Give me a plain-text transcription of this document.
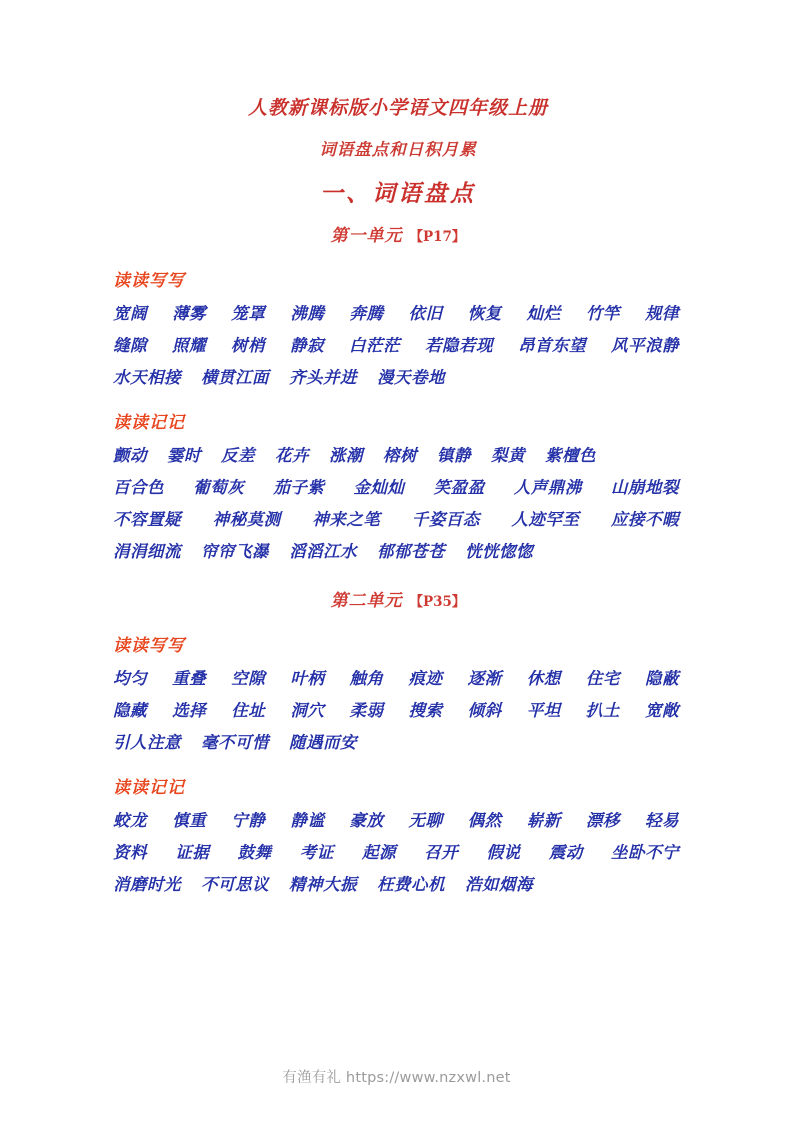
人教新课标版小学语文四年级上册
词语盘点和日积月累
一、词语盘点
第一单元 【P17】
读读写写
宽阔 薄雾 笼罩 沸腾 奔腾 依旧 恢复 灿烂 竹竿 规律
缝隙 照耀 树梢 静寂 白茫茫 若隐若现 昂首东望 风平浪静
水天相接 横贯江面 齐头并进 漫天卷地
读读记记
颤动 霎时 反差 花卉 涨潮 榕树 镇静 梨黄 紫檀色
百合色 葡萄灰 茄子紫 金灿灿 笑盈盈 人声鼎沸 山崩地裂
不容置疑 神秘莫测 神来之笔 千姿百态 人迹罕至 应接不暇
涓涓细流 帘帘飞瀑 滔滔江水 郁郁苍苍 恍恍惚惚
第二单元 【P35】
读读写写
均匀 重叠 空隙 叶柄 触角 痕迹 逐渐 休想 住宅 隐蔽
隐藏 选择 住址 洞穴 柔弱 搜索 倾斜 平坦 扒土 宽敞
引人注意 毫不可惜 随遇而安
读读记记
蛟龙 慎重 宁静 静谧 豪放 无聊 偶然 崭新 漂移 轻易
资料 证据 鼓舞 考证 起源 召开 假说 震动 坐卧不宁
消磨时光 不可思议 精神大振 枉费心机 浩如烟海
有渔有礼 https://www.nzxwl.net
